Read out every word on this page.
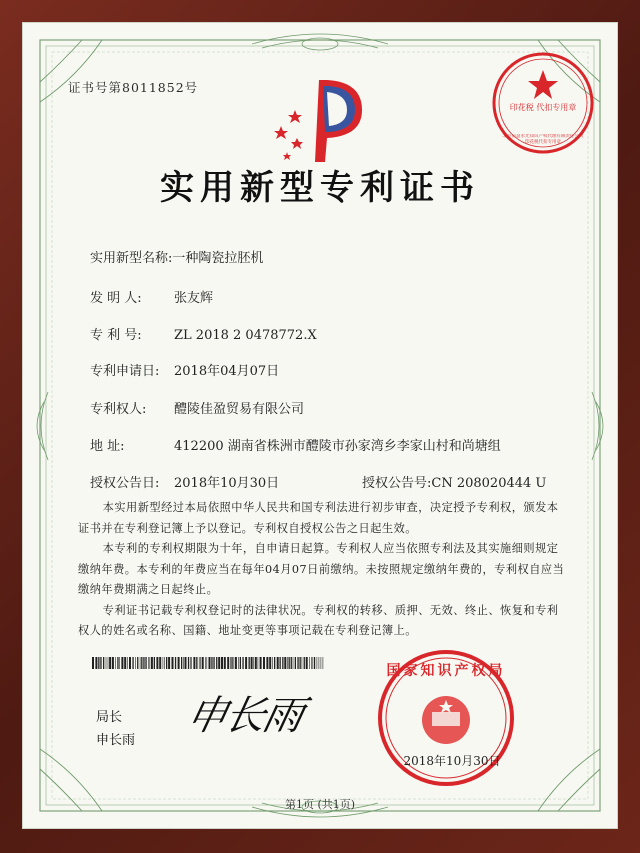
印花税 代扣专用章
北京信慧永光知识产权代理有限责任公司 印花税代扣专用章
证书号第8011852号
实用新型专利证书
实用新型名称:一种陶瓷拉胚机
发 明 人: 张友辉
专 利 号: ZL 2018 2 0478772.X
专利申请日: 2018年04月07日
专利权人: 醴陵佳盈贸易有限公司
地 址:	412200 湖南省株洲市醴陵市孙家湾乡李家山村和尚塘组
授权公告日: 2018年10月30日	授权公告号:CN 208020444 U

本实用新型经过本局依照中华人民共和国专利法进行初步审查，决定授予专利权，颁发本证书并在专利登记簿上予以登记。专利权自授权公告之日起生效。

本专利的专利权期限为十年，自申请日起算。专利权人应当依照专利法及其实施细则规定缴纳年费。本专利的年费应当在每年04月07日前缴纳。未按照规定缴纳年费的，专利权自应当缴纳年费期满之日起终止。

专利证书记载专利权登记时的法律状况。专利权的转移、质押、无效、终止、恢复和专利权人的姓名或名称、国籍、地址变更等事项记载在专利登记簿上。

局长
申长雨
申长雨
国家知识产权局
2018年10月30日
第1页 (共1页)
